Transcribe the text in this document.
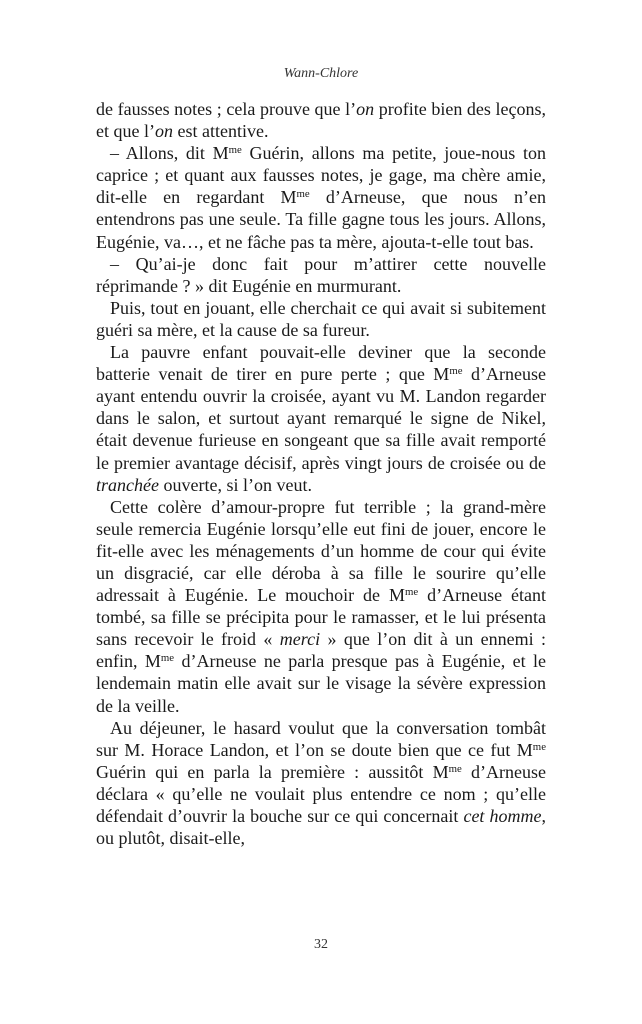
Wann-Chlore

de fausses notes ; cela prouve que l’on profite bien des leçons, et que l’on est attentive.

– Allons, dit $M^{me}$ Guérin, allons ma petite, joue-nous ton caprice ; et quant aux fausses notes, je gage, ma chère amie, dit-elle en regardant $M^{me}$ d’Arneuse, que nous n’en entendrons pas une seule. Ta fille gagne tous les jours. Allons, Eugénie, va…, et ne fâche pas ta mère, ajouta-t-elle tout bas.

– Qu’ai-je donc fait pour m’attirer cette nouvelle réprimande ? » dit Eugénie en murmurant.

Puis, tout en jouant, elle cherchait ce qui avait si subitement guéri sa mère, et la cause de sa fureur.

La pauvre enfant pouvait-elle deviner que la seconde batterie venait de tirer en pure perte ; que $M^{me}$ d’Arneuse ayant entendu ouvrir la croisée, ayant vu M. Landon regarder dans le salon, et surtout ayant remarqué le signe de Nikel, était devenue furieuse en songeant que sa fille avait remporté le premier avantage décisif, après vingt jours de croisée ou de tranchée ouverte, si l’on veut.

Cette colère d’amour-propre fut terrible ; la grand-mère seule remercia Eugénie lorsqu’elle eut fini de jouer, encore le fit-elle avec les ménagements d’un homme de cour qui évite un disgracié, car elle déroba à sa fille le sourire qu’elle adressait à Eugénie. Le mouchoir de $M^{me}$ d’Arneuse étant tombé, sa fille se précipita pour le ramasser, et le lui présenta sans recevoir le froid « merci » que l’on dit à un ennemi : enfin, $M^{me}$ d’Arneuse ne parla presque pas à Eugénie, et le lendemain matin elle avait sur le visage la sévère expression de la veille.

Au déjeuner, le hasard voulut que la conversation tombât sur M. Horace Landon, et l’on se doute bien que ce fut $M^{me}$ Guérin qui en parla la première : aussitôt $M^{me}$ d’Arneuse déclara « qu’elle ne voulait plus entendre ce nom ; qu’elle défendait d’ouvrir la bouche sur ce qui concernait cet homme, ou plutôt, disait-elle,

32
